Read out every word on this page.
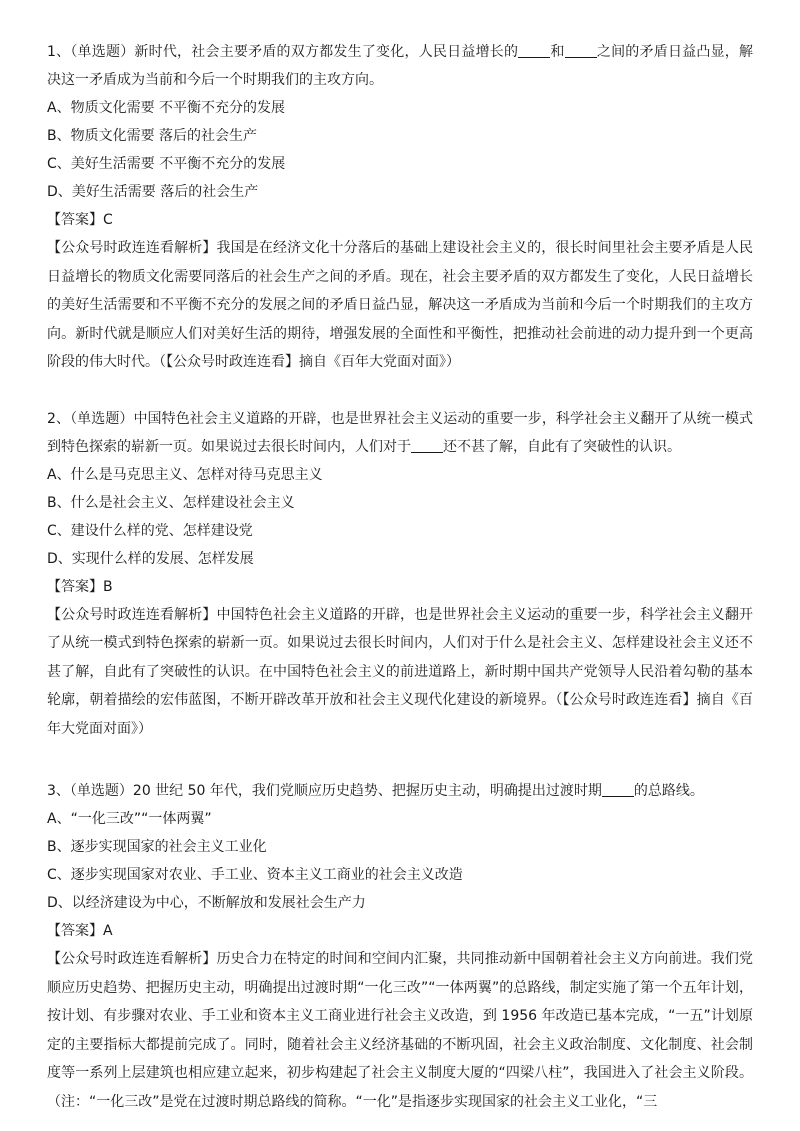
1、（单选题）新时代，社会主要矛盾的双方都发生了变化，人民日益增长的 和 之间的矛盾日益凸显，解决这一矛盾成为当前和今后一个时期我们的主攻方向。

A、物质文化需要 不平衡不充分的发展

B、物质文化需要 落后的社会生产

C、美好生活需要 不平衡不充分的发展

D、美好生活需要 落后的社会生产

【答案】C

【公众号时政连连看解析】我国是在经济文化十分落后的基础上建设社会主义的，很长时间里社会主要矛盾是人民日益增长的物质文化需要同落后的社会生产之间的矛盾。现在，社会主要矛盾的双方都发生了变化，人民日益增长的美好生活需要和不平衡不充分的发展之间的矛盾日益凸显，解决这一矛盾成为当前和今后一个时期我们的主攻方向。新时代就是顺应人们对美好生活的期待，增强发展的全面性和平衡性，把推动社会前进的动力提升到一个更高阶段的伟大时代。（【公众号时政连连看】摘自《百年大党面对面》）

2、（单选题）中国特色社会主义道路的开辟，也是世界社会主义运动的重要一步，科学社会主义翻开了从统一模式到特色探索的崭新一页。如果说过去很长时间内，人们对于 还不甚了解，自此有了突破性的认识。

A、什么是马克思主义、怎样对待马克思主义

B、什么是社会主义、怎样建设社会主义

C、建设什么样的党、怎样建设党

D、实现什么样的发展、怎样发展

【答案】B

【公众号时政连连看解析】中国特色社会主义道路的开辟，也是世界社会主义运动的重要一步，科学社会主义翻开了从统一模式到特色探索的崭新一页。如果说过去很长时间内，人们对于什么是社会主义、怎样建设社会主义还不甚了解，自此有了突破性的认识。在中国特色社会主义的前进道路上，新时期中国共产党领导人民沿着勾勒的基本轮廓，朝着描绘的宏伟蓝图，不断开辟改革开放和社会主义现代化建设的新境界。（【公众号时政连连看】摘自《百年大党面对面》）

3、（单选题）20 世纪 50 年代，我们党顺应历史趋势、把握历史主动，明确提出过渡时期 的总路线。

A、“一化三改”“一体两翼”

B、逐步实现国家的社会主义工业化

C、逐步实现国家对农业、手工业、资本主义工商业的社会主义改造

D、以经济建设为中心，不断解放和发展社会生产力

【答案】A

【公众号时政连连看解析】历史合力在特定的时间和空间内汇聚，共同推动新中国朝着社会主义方向前进。我们党顺应历史趋势、把握历史主动，明确提出过渡时期“一化三改”“一体两翼”的总路线，制定实施了第一个五年计划，按计划、有步骤对农业、手工业和资本主义工商业进行社会主义改造，到 1956 年改造已基本完成，“一五”计划原定的主要指标大都提前完成了。同时，随着社会主义经济基础的不断巩固，社会主义政治制度、文化制度、社会制度等一系列上层建筑也相应建立起来，初步构建起了社会主义制度大厦的“四梁八柱”，我国进入了社会主义阶段。（注：“一化三改”是党在过渡时期总路线的简称。“一化”是指逐步实现国家的社会主义工业化，“三
